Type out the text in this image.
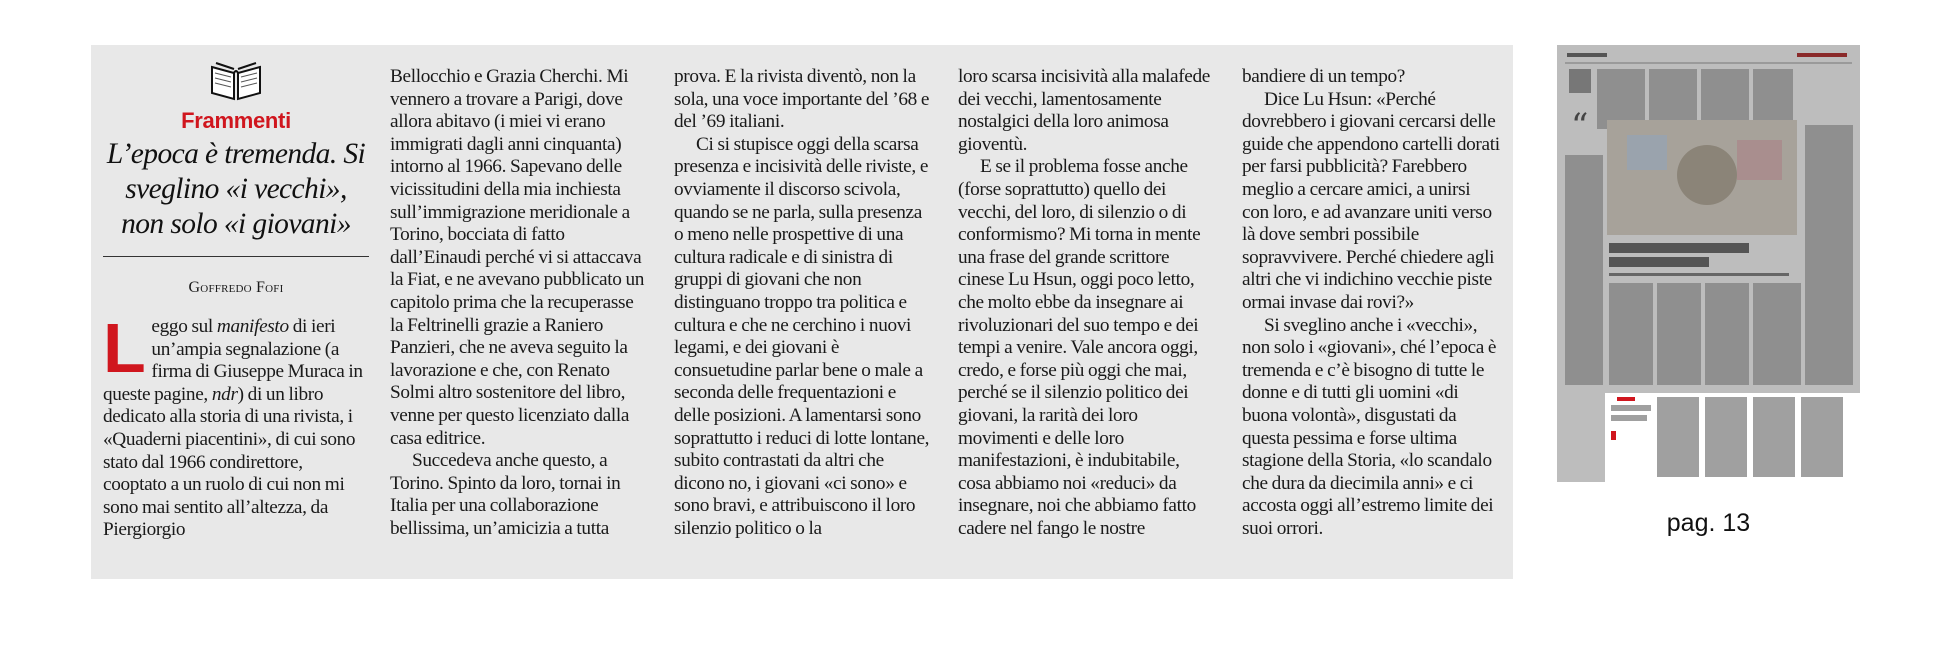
Frammenti
L’epoca è tremenda. Si sveglino «i vecchi», non solo «i giovani»
Goffredo Fofi
Leggo sul manifesto di ieri un’ampia segnalazione (a firma di Giuseppe Muraca in queste pagine, ndr) di un libro dedicato alla storia di una rivista, i «Quaderni piacentini», di cui sono stato dal 1966 condirettore, cooptato a un ruolo di cui non mi sono mai sentito all’altezza, da Piergiorgio

Bellocchio e Grazia Cherchi. Mi vennero a trovare a Parigi, dove allora abitavo (i miei vi erano immigrati dagli anni cinquanta) intorno al 1966. Sapevano delle vicissitudini della mia inchiesta sull’immigrazione meridionale a Torino, bocciata di fatto dall’Einaudi perché vi si attaccava la Fiat, e ne avevano pubblicato un capitolo prima che la recuperasse la Feltrinelli grazie a Raniero Panzieri, che ne aveva seguito la lavorazione e che, con Renato Solmi altro sostenitore del libro, venne per questo licenziato dalla casa editrice.

Succedeva anche questo, a Torino. Spinto da loro, tornai in Italia per una collaborazione bellissima, un’amicizia a tutta

prova. E la rivista diventò, non la sola, una voce importante del ’68 e del ’69 italiani.

Ci si stupisce oggi della scarsa presenza e incisività delle riviste, e ovviamente il discorso scivola, quando se ne parla, sulla presenza o meno nelle prospettive di una cultura radicale e di sinistra di gruppi di giovani che non distinguano troppo tra politica e cultura e che ne cerchino i nuovi legami, e dei giovani è consuetudine parlar bene o male a seconda delle frequentazioni e delle posizioni. A lamentarsi sono soprattutto i reduci di lotte lontane, subito contrastati da altri che dicono no, i giovani «ci sono» e sono bravi, e attribuiscono il loro silenzio politico o la

loro scarsa incisività alla malafede dei vecchi, lamentosamente nostalgici della loro animosa gioventù.

E se il problema fosse anche (forse soprattutto) quello dei vecchi, del loro, di silenzio o di conformismo? Mi torna in mente una frase del grande scrittore cinese Lu Hsun, oggi poco letto, che molto ebbe da insegnare ai rivoluzionari del suo tempo e dei tempi a venire. Vale ancora oggi, credo, e forse più oggi che mai, perché se il silenzio politico dei giovani, la rarità dei loro movimenti e delle loro manifestazioni, è indubitabile, cosa abbiamo noi «reduci» da insegnare, noi che abbiamo fatto cadere nel fango le nostre

bandiere di un tempo?

Dice Lu Hsun: «Perché dovrebbero i giovani cercarsi delle guide che appendono cartelli dorati per farsi pubblicità? Farebbero meglio a cercare amici, a unirsi con loro, e ad avanzare uniti verso là dove sembri possibile sopravvivere. Perché chiedere agli altri che vi indichino vecchie piste ormai invase dai rovi?»

Si sveglino anche i «vecchi», non solo i «giovani», ché l’epoca è tremenda e c’è bisogno di tutte le donne e di tutti gli uomini «di buona volontà», disgustati da questa pessima e forse ultima stagione della Storia, «lo scandalo che dura da diecimila anni» e ci accosta oggi all’estremo limite dei suoi orrori.

“
pag. 13
